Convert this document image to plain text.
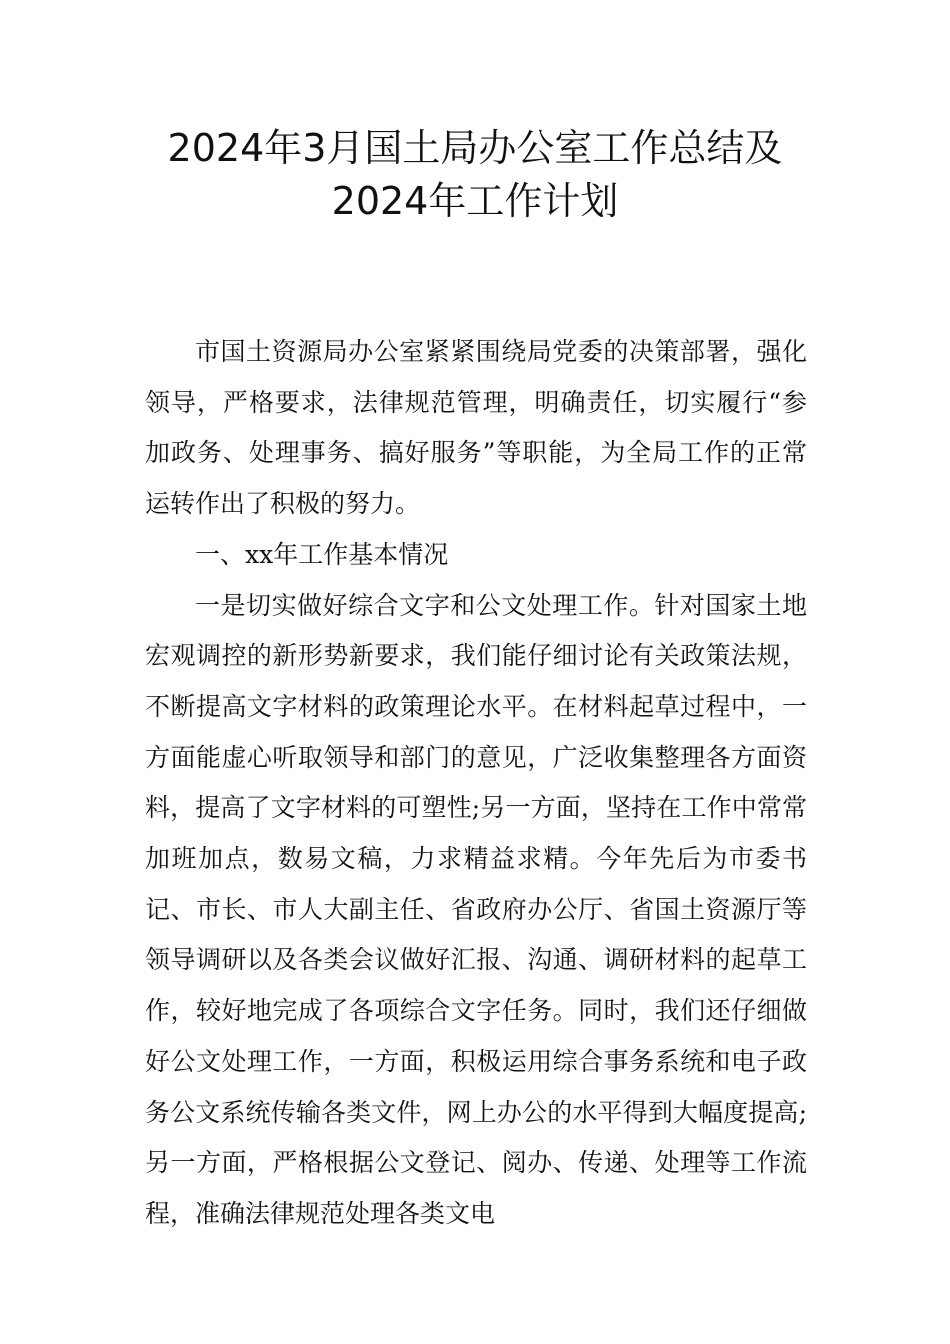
2024年3月国土局办公室工作总结及
2024年工作计划

市国土资源局办公室紧紧围绕局党委的决策部署，强化领导，严格要求，法律规范管理，明确责任，切实履行“参加政务、处理事务、搞好服务”等职能，为全局工作的正常运转作出了积极的努力。

一、xx年工作基本情况

一是切实做好综合文字和公文处理工作。针对国家土地宏观调控的新形势新要求，我们能仔细讨论有关政策法规，不断提高文字材料的政策理论水平。在材料起草过程中，一方面能虚心听取领导和部门的意见，广泛收集整理各方面资料，提高了文字材料的可塑性;另一方面，坚持在工作中常常加班加点，数易文稿，力求精益求精。今年先后为市委书记、市长、市人大副主任、省政府办公厅、省国土资源厅等领导调研以及各类会议做好汇报、沟通、调研材料的起草工作，较好地完成了各项综合文字任务。同时，我们还仔细做好公文处理工作，一方面，积极运用综合事务系统和电子政务公文系统传输各类文件，网上办公的水平得到大幅度提高;另一方面，严格根据公文登记、阅办、传递、处理等工作流程，准确法律规范处理各类文电
